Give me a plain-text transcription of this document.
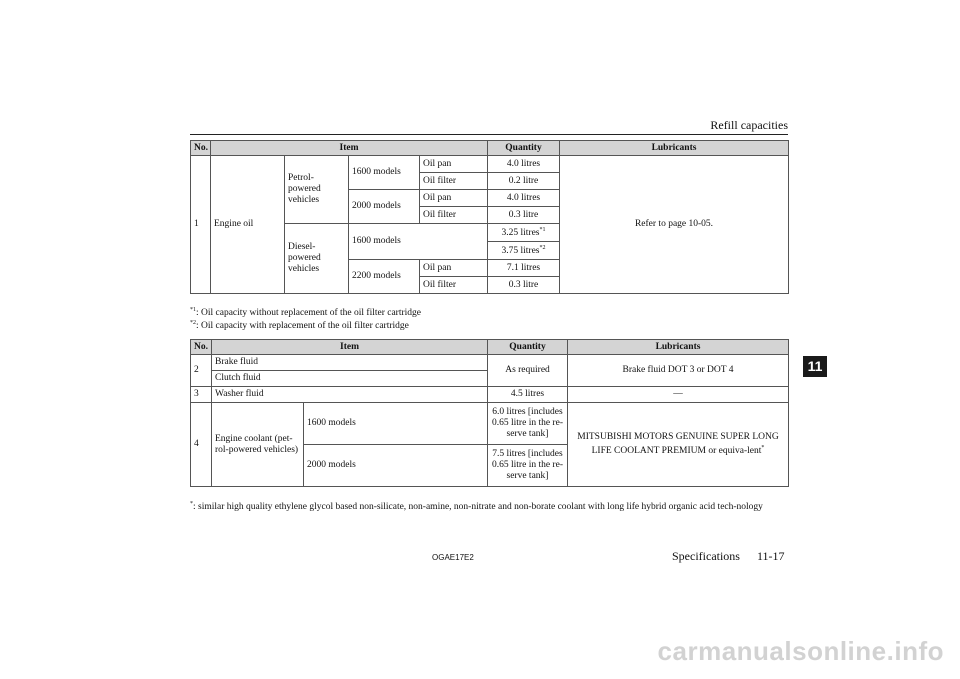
Refill capacities
No.	Item				Quantity	Lubricants
1	Engine oil	Petrol-powered vehicles	1600 models	Oil pan	4.0 litres	Refer to page 10-05.
				Oil filter	0.2 litre	
			2000 models	Oil pan	4.0 litres	
				Oil filter	0.3 litre	
		Diesel-powered vehicles	1600 models		3.25 litres$^{*1}$
					3.75 litres$^{*2}$
			2200 models	Oil pan	7.1 litres	
				Oil filter	0.3 litre	
$^{*1}$: Oil capacity without replacement of the oil filter cartridge
$^{*2}$: Oil capacity with replacement of the oil filter cartridge
No.	Item		Quantity	Lubricants
2	Brake fluid		As required	Brake fluid DOT 3 or DOT 4
	Clutch fluid			
3	Washer fluid		4.5 litres	—
4	Engine coolant (pet-rol-powered vehicles)	1600 models	6.0 litres [includes 0.65 litre in the re-serve tank]	MITSUBISHI MOTORS GENUINE SUPER LONG LIFE COOLANT PREMIUM or equiva-lent*
		2000 models	7.5 litres [includes 0.65 litre in the re-serve tank]	
*: similar high quality ethylene glycol based non-silicate, non-amine, non-nitrate and non-borate coolant with long life hybrid organic acid tech-nology
11
OGAE17E2	Specifications 11-17
carmanualsonline.info
